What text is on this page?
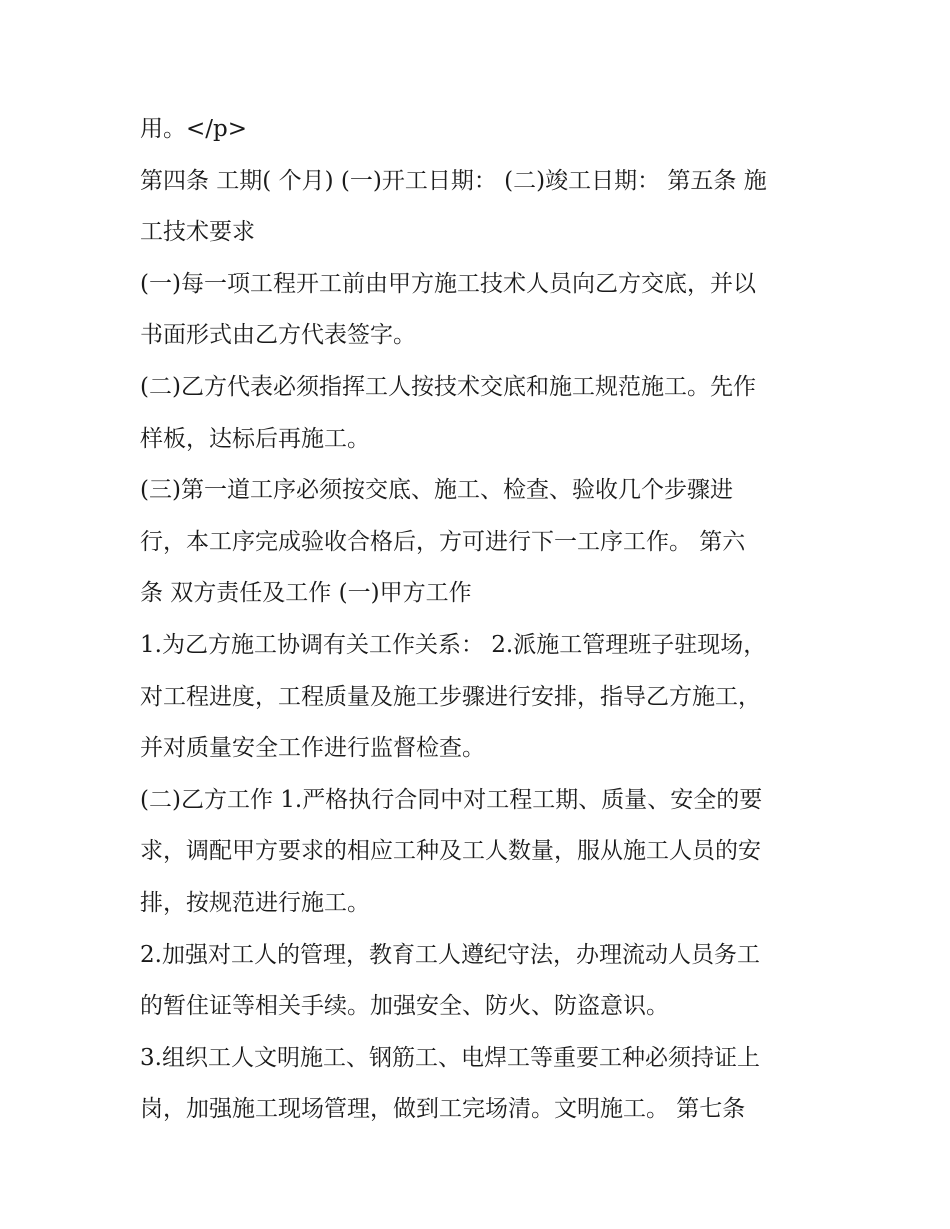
用。</p>
第四条 工期( 个月) (一)开工日期： (二)竣工日期： 第五条 施
工技术要求
(一)每一项工程开工前由甲方施工技术人员向乙方交底，并以
书面形式由乙方代表签字。
(二)乙方代表必须指挥工人按技术交底和施工规范施工。先作
样板，达标后再施工。
(三)第一道工序必须按交底、施工、检查、验收几个步骤进
行，本工序完成验收合格后，方可进行下一工序工作。 第六
条 双方责任及工作 (一)甲方工作
1.为乙方施工协调有关工作关系： 2.派施工管理班子驻现场，
对工程进度，工程质量及施工步骤进行安排，指导乙方施工，
并对质量安全工作进行监督检查。
(二)乙方工作 1.严格执行合同中对工程工期、质量、安全的要
求，调配甲方要求的相应工种及工人数量，服从施工人员的安
排，按规范进行施工。
2.加强对工人的管理，教育工人遵纪守法，办理流动人员务工
的暂住证等相关手续。加强安全、防火、防盗意识。
3.组织工人文明施工、钢筋工、电焊工等重要工种必须持证上
岗，加强施工现场管理，做到工完场清。文明施工。 第七条
